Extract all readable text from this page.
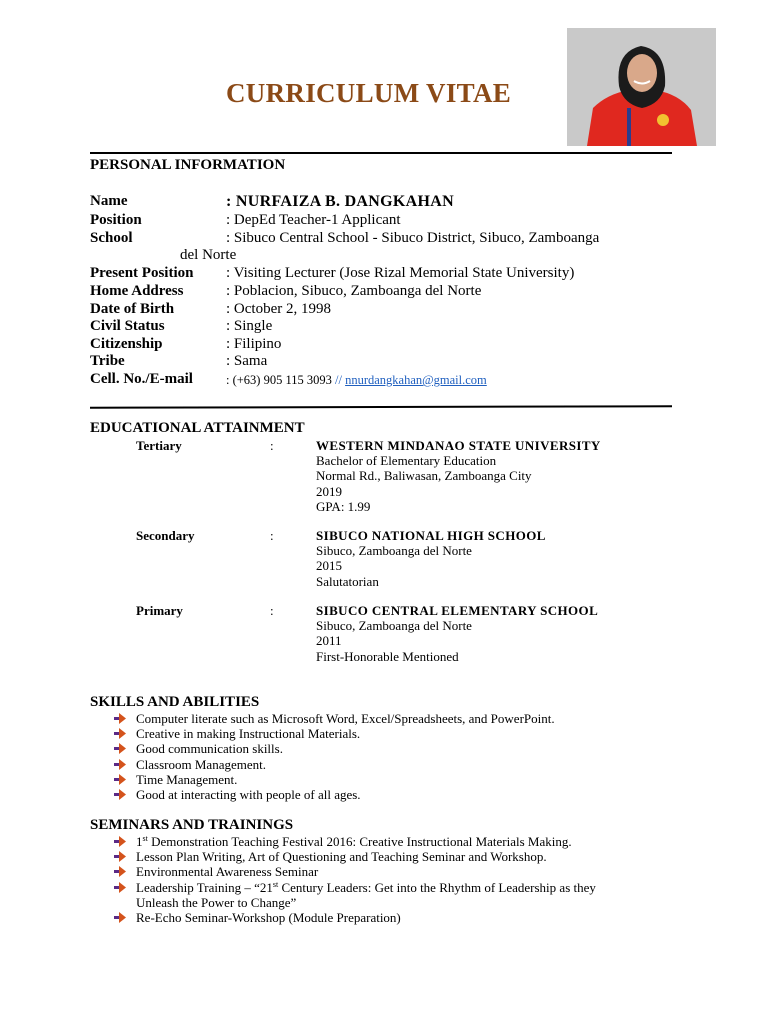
CURRICULUM VITAE
PERSONAL INFORMATION
Name	: NURFAIZA B. DANGKAHAN
Position	: DepEd Teacher-1 Applicant
School	: Sibuco Central School - Sibuco District, Sibuco, Zamboanga
del Norte
Present Position : Visiting Lecturer (Jose Rizal Memorial State University)
Home Address	: Poblacion, Sibuco, Zamboanga del Norte
Date of Birth	: October 2, 1998
Civil Status	: Single
Citizenship	: Filipino
Tribe	: Sama
Cell. No./E-mail	: (+63) 905 115 3093 // nnurdangkahan@gmail.com
EDUCATIONAL ATTAINMENT
Tertiary	:	WESTERN MINDANAO STATE UNIVERSITY
Bachelor of Elementary Education
Normal Rd., Baliwasan, Zamboanga City
2019
GPA: 1.99
Secondary	:	SIBUCO NATIONAL HIGH SCHOOL
Sibuco, Zamboanga del Norte
2015
Salutatorian
Primary	:	SIBUCO CENTRAL ELEMENTARY SCHOOL
Sibuco, Zamboanga del Norte
2011
First-Honorable Mentioned
SKILLS AND ABILITIES
Computer literate such as Microsoft Word, Excel/Spreadsheets, and PowerPoint.
Creative in making Instructional Materials.
Good communication skills.
Classroom Management.
Time Management.
Good at interacting with people of all ages.
SEMINARS AND TRAININGS
1st Demonstration Teaching Festival 2016: Creative Instructional Materials Making.
Lesson Plan Writing, Art of Questioning and Teaching Seminar and Workshop.
Environmental Awareness Seminar
Leadership Training – “21st Century Leaders: Get into the Rhythm of Leadership as they
Unleash the Power to Change”
Re-Echo Seminar-Workshop (Module Preparation)
